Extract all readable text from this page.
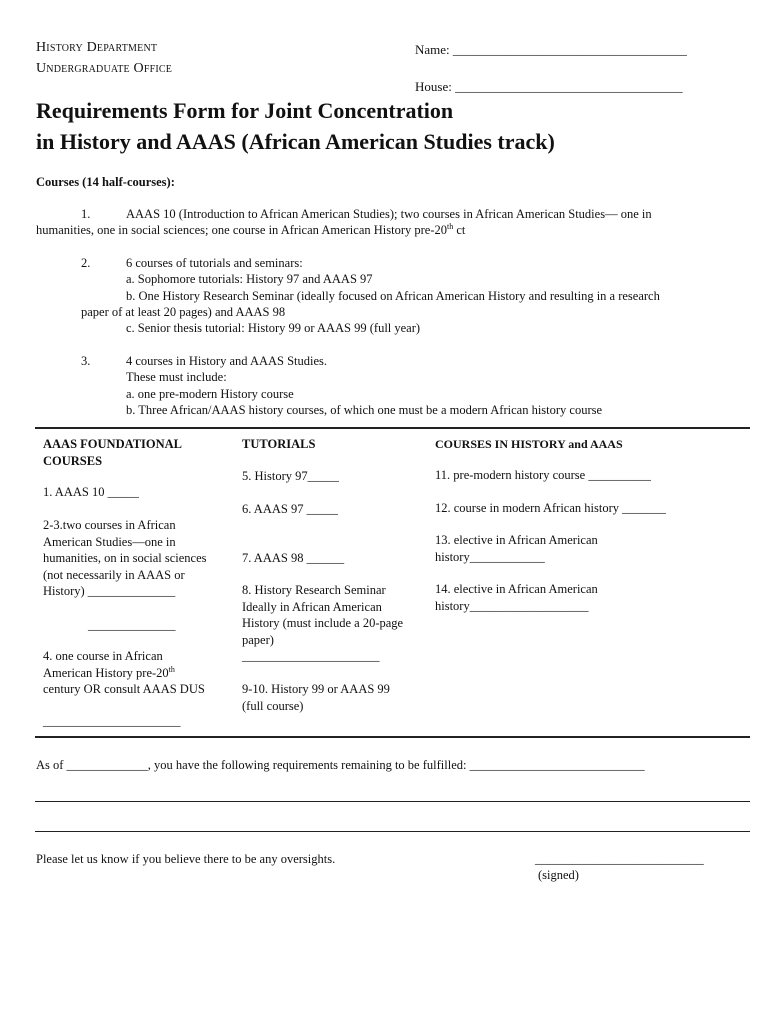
History Department
Undergraduate Office
Name: ____________________________________
House: ___________________________________
Requirements Form for Joint Concentration
in History and AAAS (African American Studies track)
Courses (14 half-courses):
1.	AAAS 10 (Introduction to African American Studies); two courses in African American Studies— one in
humanities, one in social sciences; one course in African American History pre-20th ct
2.	6 courses of tutorials and seminars:
a. Sophomore tutorials: History 97 and AAAS 97
b. One History Research Seminar (ideally focused on African American History and resulting in a research
paper of at least 20 pages) and AAAS 98
c. Senior thesis tutorial: History 99 or AAAS 99 (full year)
3.	4 courses in History and AAAS Studies.
These must include:
a. one pre-modern History course
b. Three African/AAAS history courses, of which one must be a modern African history course
AAAS FOUNDATIONAL
COURSES
1. AAAS 10 _____
2-3.two courses in African
American Studies—one in
humanities, on in social sciences
(not necessarily in AAAS or
History) ______________
______________
4. one course in African
American History pre-20th
century OR consult AAAS DUS
______________________
TUTORIALS
5. History 97_____
6. AAAS 97 _____
7. AAAS 98 ______
8. History Research Seminar
Ideally in African American
History (must include a 20-page
paper)
______________________
9-10. History 99 or AAAS 99
(full course)
COURSES IN HISTORY and AAAS
11. pre-modern history course __________
12. course in modern African history _______
13. elective in African American
history____________
14. elective in African American
history___________________
As of _____________, you have the following requirements remaining to be fulfilled: ____________________________
Please let us know if you believe there to be any oversights.	___________________________
(signed)
